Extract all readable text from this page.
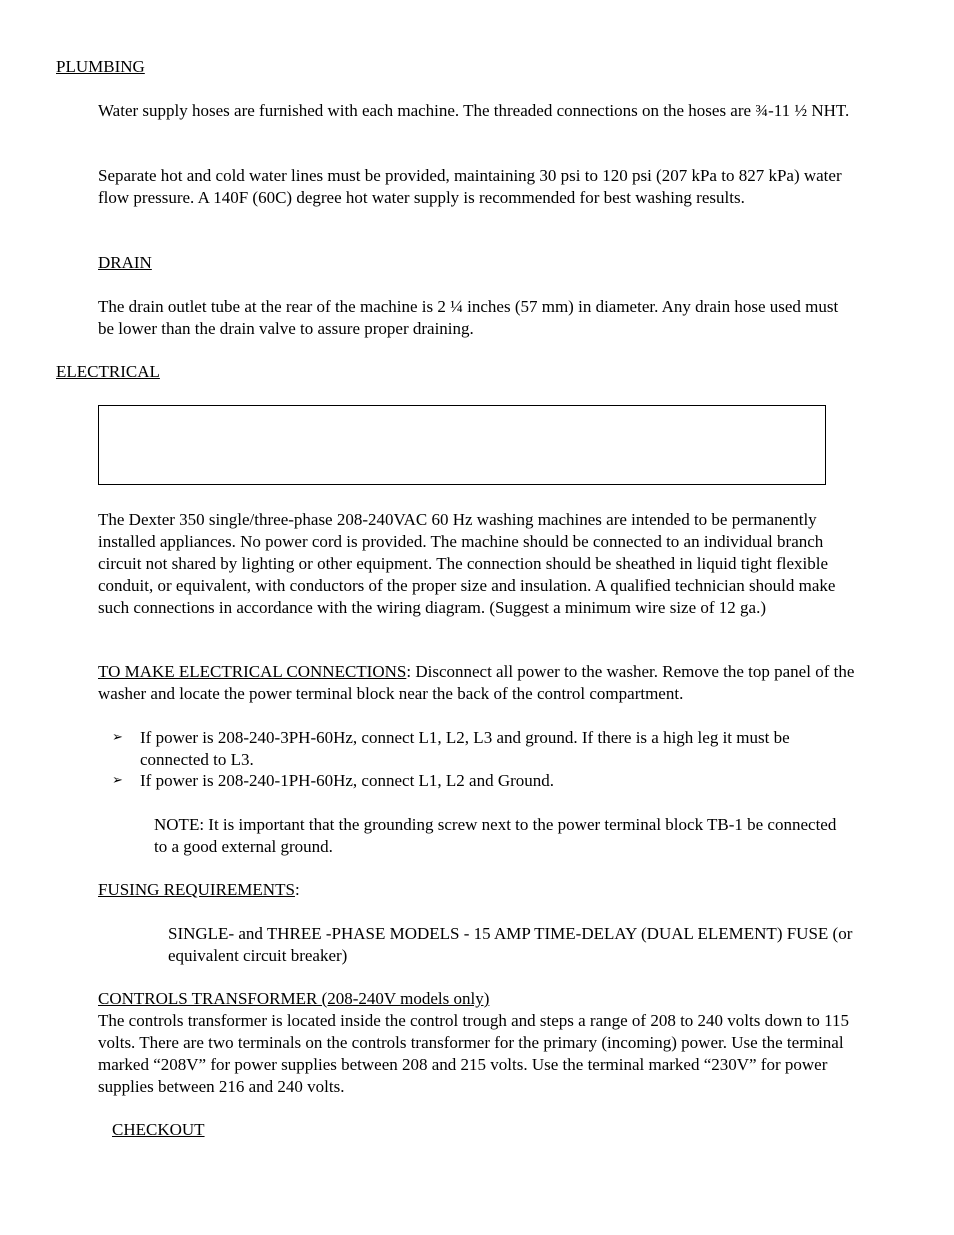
PLUMBING

Water supply hoses are furnished with each machine. The threaded connections on the hoses are ¾-11 ½ NHT.

Separate hot and cold water lines must be provided, maintaining 30 psi to 120 psi (207 kPa to 827 kPa) water flow pressure. A 140F (60C) degree hot water supply is recommended for best washing results.

DRAIN

The drain outlet tube at the rear of the machine is 2 ¼ inches (57 mm) in diameter. Any drain hose used must be lower than the drain valve to assure proper draining.

ELECTRICAL

The Dexter 350 single/three-phase 208-240VAC 60 Hz washing machines are intended to be permanently installed appliances. No power cord is provided. The machine should be connected to an individual branch circuit not shared by lighting or other equipment. The connection should be sheathed in liquid tight flexible conduit, or equivalent, with conductors of the proper size and insulation. A qualified technician should make such connections in accordance with the wiring diagram. (Suggest a minimum wire size of 12 ga.)

TO MAKE ELECTRICAL CONNECTIONS: Disconnect all power to the washer. Remove the top panel of the washer and locate the power terminal block near the back of the control compartment.

➢ If power is 208-240-3PH-60Hz, connect L1, L2, L3 and ground. If there is a high leg it must be connected to L3.
➢ If power is 208-240-1PH-60Hz, connect L1, L2 and Ground.

NOTE: It is important that the grounding screw next to the power terminal block TB-1 be connected to a good external ground.

FUSING REQUIREMENTS:

SINGLE- and THREE -PHASE MODELS - 15 AMP TIME-DELAY (DUAL ELEMENT) FUSE (or equivalent circuit breaker)

CONTROLS TRANSFORMER (208-240V models only)

The controls transformer is located inside the control trough and steps a range of 208 to 240 volts down to 115 volts. There are two terminals on the controls transformer for the primary (incoming) power. Use the terminal marked “208V” for power supplies between 208 and 215 volts. Use the terminal marked “230V” for power supplies between 216 and 240 volts.

CHECKOUT
